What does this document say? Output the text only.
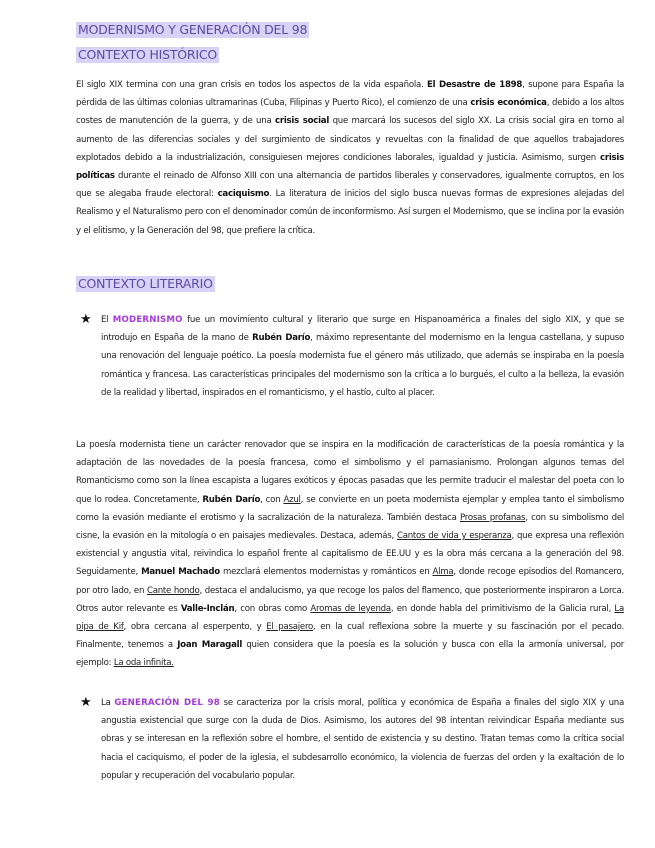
MODERNISMO Y GENERACIÓN DEL 98
CONTEXTO HISTÓRICO

El siglo XIX termina con una gran crisis en todos los aspectos de la vida española. El Desastre de 1898, supone para España la pérdida de las últimas colonias ultramarinas (Cuba, Filipinas y Puerto Rico), el comienzo de una crisis económica, debido a los altos costes de manutención de la guerra, y de una crisis social que marcará los sucesos del siglo XX. La crisis social gira en torno al aumento de las diferencias sociales y del surgimiento de sindicatos y revueltas con la finalidad de que aquellos trabajadores explotados debido a la industrialización, consiguiesen mejores condiciones laborales, igualdad y justicia. Asimismo, surgen crisis políticas durante el reinado de Alfonso XIII con una alternancia de partidos liberales y conservadores, igualmente corruptos, en los que se alegaba fraude electoral: caciquismo. La literatura de inicios del siglo busca nuevas formas de expresiones alejadas del Realismo y el Naturalismo pero con el denominador común de inconformismo. Así surgen el Modernismo, que se inclina por la evasión y el elitismo, y la Generación del 98, que prefiere la crítica.

CONTEXTO LITERARIO
★ El MODERNISMO fue un movimiento cultural y literario que surge en Hispanoamérica a finales del siglo XIX, y que se introdujo en España de la mano de Rubén Darío, máximo representante del modernismo en la lengua castellana, y supuso una renovación del lenguaje poético. La poesía modernista fue el género más utilizado, que además se inspiraba en la poesía romántica y francesa. Las características principales del modernismo son la crítica a lo burgués, el culto a la belleza, la evasión de la realidad y libertad, inspirados en el romanticismo, y el hastío, culto al placer.

La poesía modernista tiene un carácter renovador que se inspira en la modificación de características de la poesía romántica y la adaptación de las novedades de la poesía francesa, como el simbolismo y el parnasianismo. Prolongan algunos temas del Romanticismo como son la línea escapista a lugares exóticos y épocas pasadas que les permite traducir el malestar del poeta con lo que lo rodea. Concretamente, Rubén Darío, con Azul, se convierte en un poeta modernista ejemplar y emplea tanto el simbolismo como la evasión mediante el erotismo y la sacralización de la naturaleza. También destaca Prosas profanas, con su simbolismo del cisne, la evasión en la mitología o en paisajes medievales. Destaca, además, Cantos de vida y esperanza, que expresa una reflexión existencial y angustia vital, reivindica lo español frente al capitalismo de EE.UU y es la obra más cercana a la generación del 98. Seguidamente, Manuel Machado mezclará elementos modernistas y románticos en Alma, donde recoge episodios del Romancero, por otro lado, en Cante hondo, destaca el andalucismo, ya que recoge los palos del flamenco, que posteriormente inspiraron a Lorca. Otros autor relevante es Valle-Inclán, con obras como Aromas de leyenda, en donde habla del primitivismo de la Galicia rural, La pipa de Kif, obra cercana al esperpento, y El pasajero, en la cual reflexiona sobre la muerte y su fascinación por el pecado. Finalmente, tenemos a Joan Maragall quien considera que la poesía es la solución y busca con ella la armonía universal, por ejemplo: La oda infinita.

★ La GENERACIÓN DEL 98 se caracteriza por la crisis moral, política y económica de España a finales del siglo XIX y una angustia existencial que surge con la duda de Dios. Asimismo, los autores del 98 intentan reivindicar España mediante sus obras y se interesan en la reflexión sobre el hombre, el sentido de existencia y su destino. Tratan temas como la crítica social hacia el caciquismo, el poder de la iglesia, el subdesarrollo económico, la violencia de fuerzas del orden y la exaltación de lo popular y recuperación del vocabulario popular.
